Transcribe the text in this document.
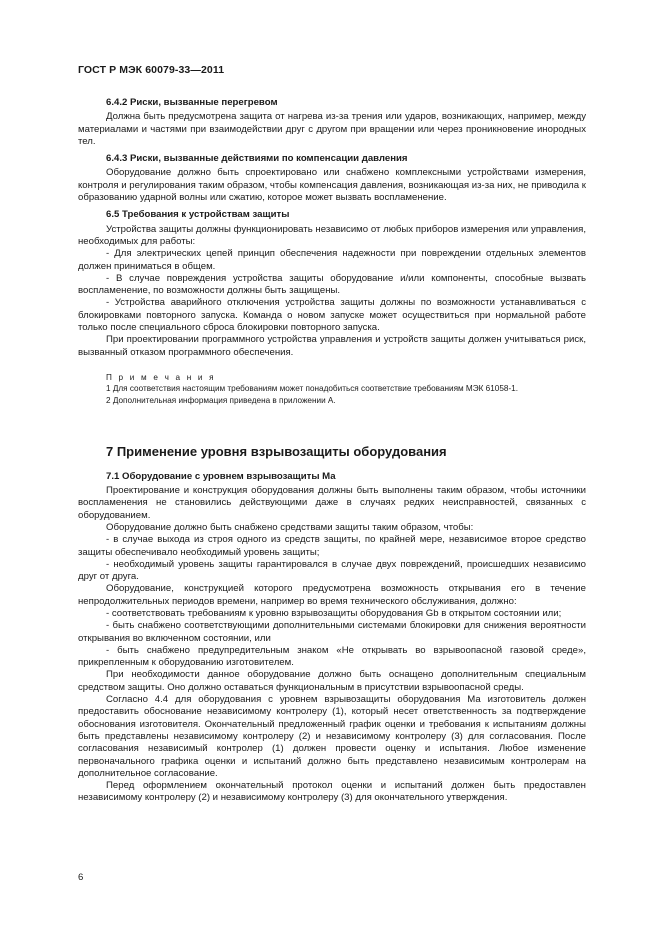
ГОСТ Р МЭК 60079-33—2011

6.4.2 Риски, вызванные перегревом

Должна быть предусмотрена защита от нагрева из-за трения или ударов, возникающих, например, между материалами и частями при взаимодействии друг с другом при вращении или через проникновение инородных тел.

6.4.3 Риски, вызванные действиями по компенсации давления

Оборудование должно быть спроектировано или снабжено комплексными устройствами измерения, контроля и регулирования таким образом, чтобы компенсация давления, возникающая из-за них, не приводила к образованию ударной волны или сжатию, которое может вызвать воспламенение.

6.5 Требования к устройствам защиты

Устройства защиты должны функционировать независимо от любых приборов измерения или управления, необходимых для работы:

- Для электрических цепей принцип обеспечения надежности при повреждении отдельных элементов должен приниматься в общем.

- В случае повреждения устройства защиты оборудование и/или компоненты, способные вызвать воспламенение, по возможности должны быть защищены.

- Устройства аварийного отключения устройства защиты должны по возможности устанавливаться с блокировками повторного запуска. Команда о новом запуске может осуществиться при нормальной работе только после специального сброса блокировки повторного запуска.

При проектировании программного устройства управления и устройств защиты должен учитываться риск, вызванный отказом программного обеспечения.

П р и м е ч а н и я
1 Для соответствия настоящим требованиям может понадобиться соответствие требованиям МЭК 61058-1.
2 Дополнительная информация приведена в приложении А.
7 Применение уровня взрывозащиты оборудования

7.1 Оборудование с уровнем взрывозащиты Ма

Проектирование и конструкция оборудования должны быть выполнены таким образом, чтобы источники воспламенения не становились действующими даже в случаях редких неисправностей, связанных с оборудованием.

Оборудование должно быть снабжено средствами защиты таким образом, чтобы:

- в случае выхода из строя одного из средств защиты, по крайней мере, независимое второе средство защиты обеспечивало необходимый уровень защиты;

- необходимый уровень защиты гарантировался в случае двух повреждений, происшедших независимо друг от друга.

Оборудование, конструкцией которого предусмотрена возможность открывания его в течение непродолжительных периодов времени, например во время технического обслуживания, должно:

- соответствовать требованиям к уровню взрывозащиты оборудования Gb в открытом состоянии или;

- быть снабжено соответствующими дополнительными системами блокировки для снижения вероятности открывания во включенном состоянии, или

- быть снабжено предупредительным знаком «Не открывать во взрывоопасной газовой среде», прикрепленным к оборудованию изготовителем.

При необходимости данное оборудование должно быть оснащено дополнительным специальным средством защиты. Оно должно оставаться функциональным в присутствии взрывоопасной среды.

Согласно 4.4 для оборудования с уровнем взрывозащиты оборудования Ма изготовитель должен предоставить обоснование независимому контролеру (1), который несет ответственность за подтверждение обоснования изготовителя. Окончательный предложенный график оценки и требования к испытаниям должны быть представлены независимому контролеру (2) и независимому контролеру (3) для согласования. После согласования независимый контролер (1) должен провести оценку и испытания. Любое изменение первоначального графика оценки и испытаний должно быть представлено независимым контролерам на дополнительное согласование.

Перед оформлением окончательный протокол оценки и испытаний должен быть предоставлен независимому контролеру (2) и независимому контролеру (3) для окончательного утверждения.

6
